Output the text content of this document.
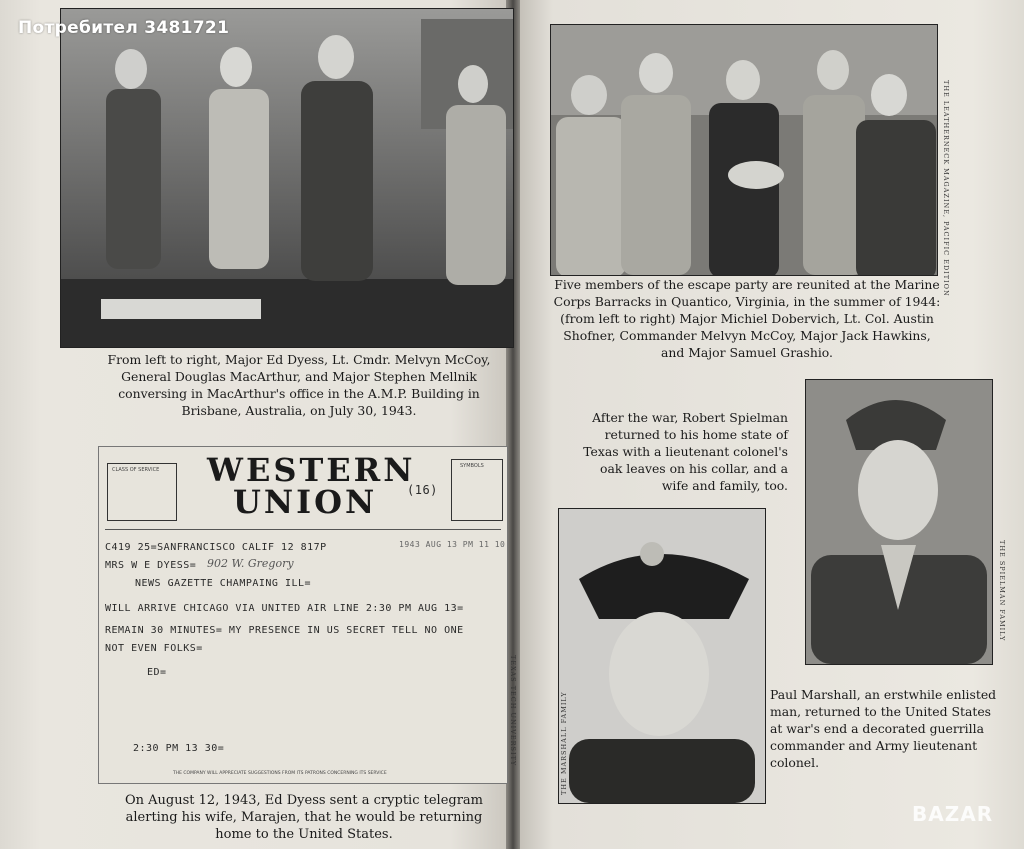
From left to right, Major Ed Dyess, Lt. Cmdr. Melvyn McCoy, General Douglas MacArthur, and Major Stephen Mellnik conversing in MacArthur's office in the A.M.P. Building in Brisbane, Australia, on July 30, 1943.
CLASS OF SERVICE WESTERN
UNION (16)
SYMBOLS
C419 25=SANFRANCISCO CALIF 12 817P	1943 AUG 13 PM 11 10
MRS W E DYESS= 902 W. Gregory
NEWS GAZETTE CHAMPAING ILL=
WILL ARRIVE CHICAGO VIA UNITED AIR LINE 2:30 PM AUG 13=
REMAIN 30 MINUTES= MY PRESENCE IN US SECRET TELL NO ONE
NOT EVEN FOLKS=
ED=
2:30 PM 13 30=
THE COMPANY WILL APPRECIATE SUGGESTIONS FROM ITS PATRONS CONCERNING ITS SERVICE
TEXAS TECH UNIVERSITY
On August 12, 1943, Ed Dyess sent a cryptic telegram alerting his wife, Marajen, that he would be returning home to the United States.
THE LEATHERNECK MAGAZINE, PACIFIC EDITION
Five members of the escape party are reunited at the Marine Corps Barracks in Quantico, Virginia, in the summer of 1944: (from left to right) Major Michiel Dobervich, Lt. Col. Austin Shofner, Commander Melvyn McCoy, Major Jack Hawkins, and Major Samuel Grashio.
After the war, Robert Spielman returned to his home state of Texas with a lieutenant colonel's oak leaves on his collar, and a wife and family, too.
THE SPIELMAN FAMILY
THE MARSHALL FAMILY	Paul Marshall, an erstwhile enlisted man, returned to the United States at war's end a decorated guerrilla commander and Army lieutenant colonel.
Потребител 3481721
BAZAR
